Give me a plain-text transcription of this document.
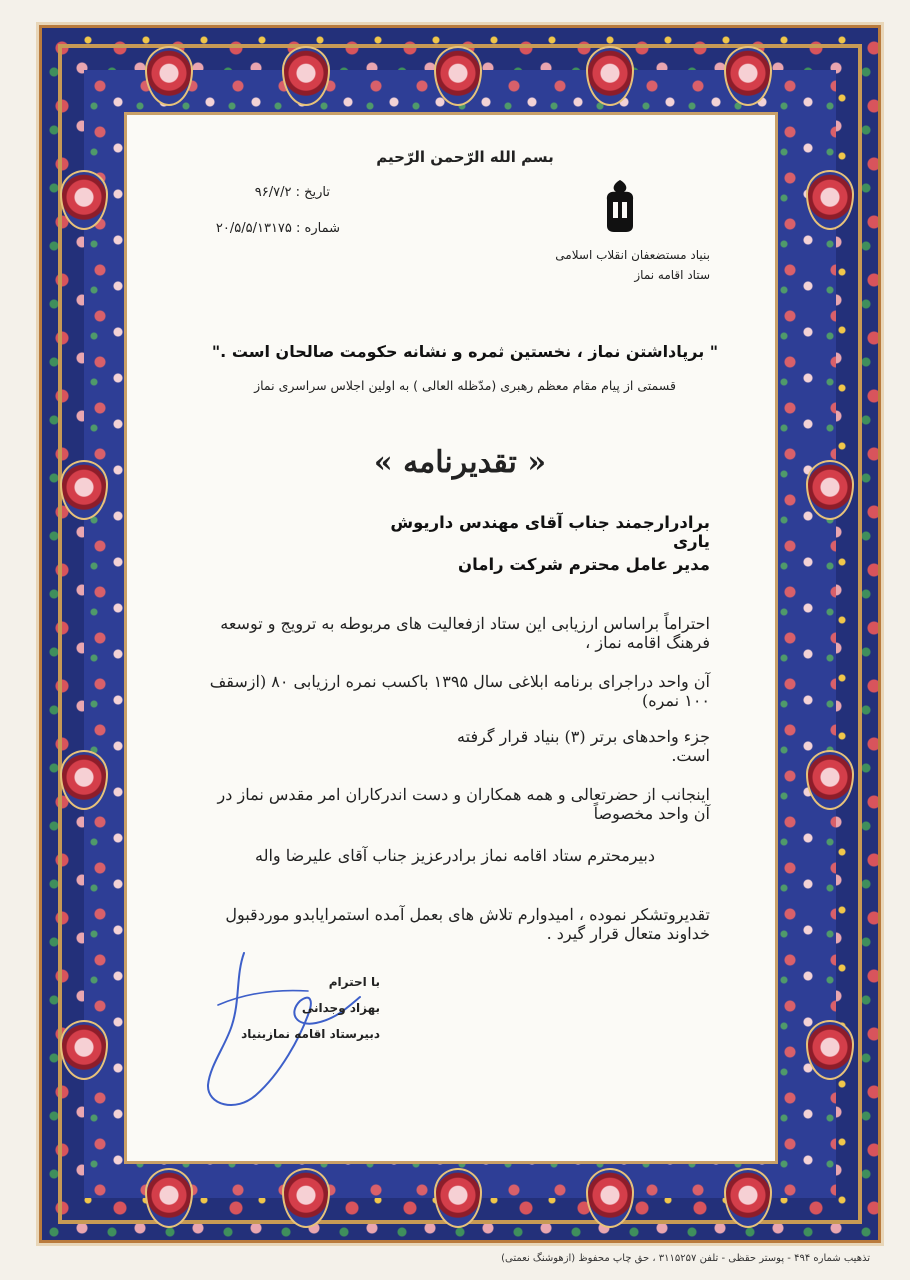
بسم الله الرّحمن الرّحیم
تاریخ : ۹۶/۷/۲
شماره : ۲۰/۵/۵/۱۳۱۷۵
بنیاد مستضعفان انقلاب اسلامی
ستاد اقامه نماز
" برپاداشتن نماز ، نخستین ثمره و نشانه حکومت صالحان است ."
قسمتی از پیام مقام معظم رهبری (مدّظله العالی ) به اولین اجلاس سراسری نماز
« تقدیرنامه »
برادرارجمند جناب آقای مهندس داریوش یاری
مدیر عامل محترم شرکت رامان
احتراماً براساس ارزیابی این ستاد ازفعالیت های مربوطه به ترویج و توسعه فرهنگ اقامه نماز ،
آن واحد دراجرای برنامه ابلاغی سال ۱۳۹۵ باکسب نمره ارزیابی ۸۰ (ازسقف ۱۰۰ نمره)
جزء واحدهای برتر (۳) بنیاد قرار گرفته است.
اینجانب از حضرتعالی و همه همکاران و دست اندرکاران امر مقدس نماز در آن واحد مخصوصاً
دبیرمحترم ستاد اقامه نماز برادرعزیز جناب آقای علیرضا واله
تقدیروتشکر نموده ، امیدوارم تلاش های بعمل آمده استمرایابدو موردقبول خداوند متعال قرار گیرد .
با احترام
بهزاد وجدانی
دبیرستاد اقامه نمازبنیاد
تذهیب شماره ۴۹۴ - پوستر حقظی - تلفن ۳۱۱۵۲۵۷ ، حق چاپ محفوظ (ازهوشنگ نعمتی)
